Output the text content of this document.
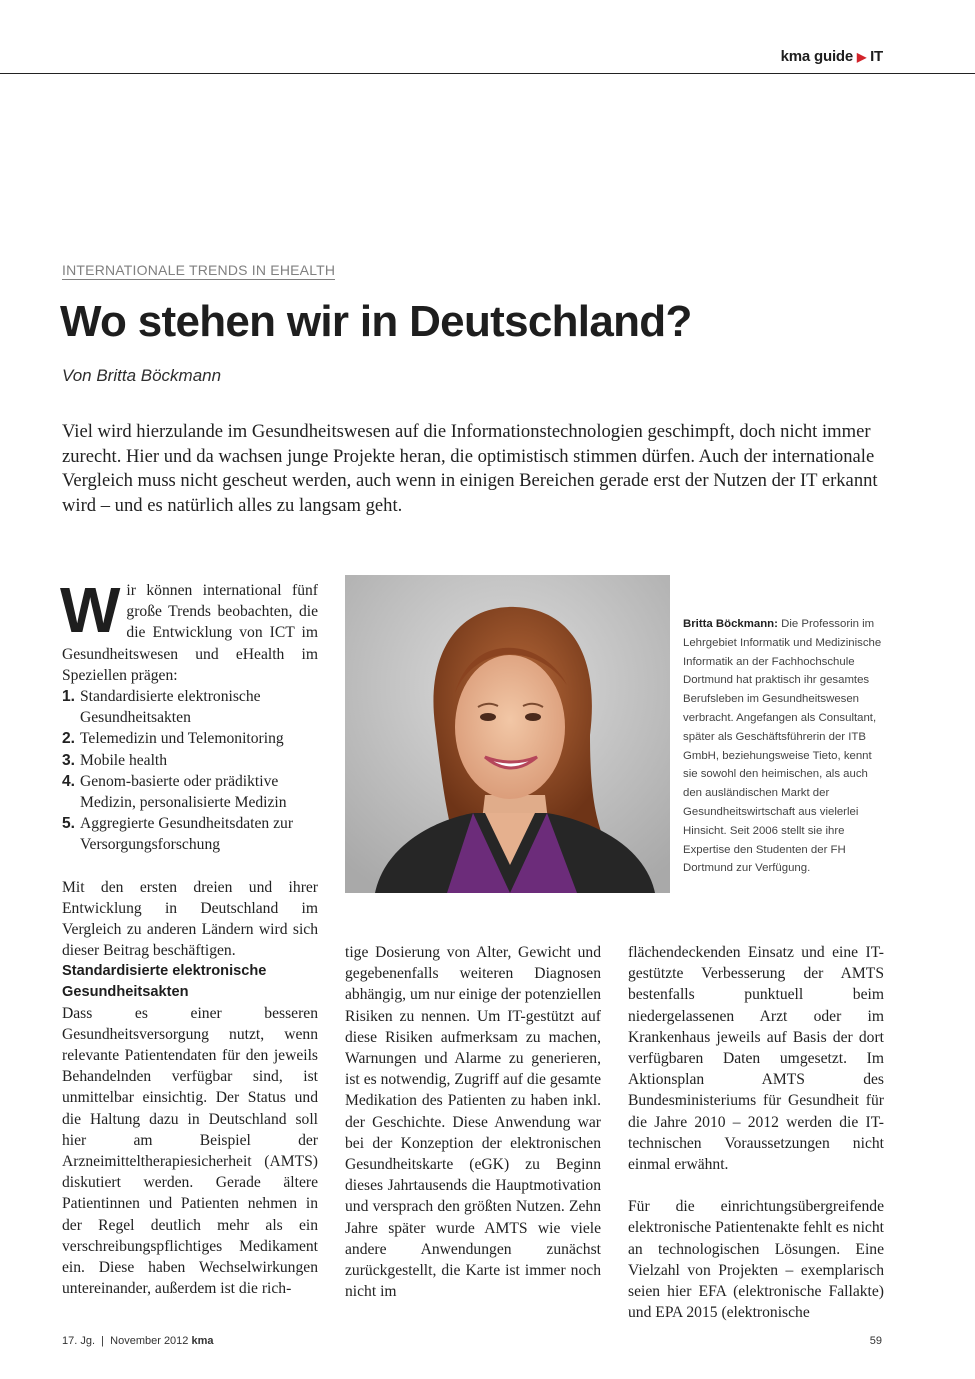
kma guide ▶ IT
INTERNATIONALE TRENDS IN EHEALTH
Wo stehen wir in Deutschland?
Von Britta Böckmann

Viel wird hierzulande im Gesundheitswesen auf die Informationstechnologien geschimpft, doch nicht immer zurecht. Hier und da wachsen junge Projekte heran, die optimistisch stimmen dürfen. Auch der internationale Vergleich muss nicht gescheut werden, auch wenn in einigen Bereichen gerade erst der Nutzen der IT erkannt wird – und es natürlich alles zu langsam geht.

Wir können international fünf große Trends beobachten, die die Entwicklung von ICT im Gesundheitswesen und eHealth im Speziellen prägen:

1. Standardisierte elektronische Gesundheitsakten
2. Telemedizin und Telemonitoring
3. Mobile health
4. Genom-basierte oder prädiktive Medizin, personalisierte Medizin
5. Aggregierte Gesundheitsdaten zur Versorgungsforschung

Mit den ersten dreien und ihrer Entwicklung in Deutschland im Vergleich zu anderen Ländern wird sich dieser Beitrag beschäftigen.

Standardisierte elektronische Gesundheitsakten

Dass es einer besseren Gesundheitsversorgung nutzt, wenn relevante Patientendaten für den jeweils Behandelnden verfügbar sind, ist unmittelbar einsichtig. Der Status und die Haltung dazu in Deutschland soll hier am Beispiel der Arzneimitteltherapiesicherheit (AMTS) diskutiert werden. Gerade ältere Patientinnen und Patienten nehmen in der Regel deutlich mehr als ein verschreibungspflichtiges Medikament ein. Diese haben Wechselwirkungen untereinander, außerdem ist die rich-

Britta Böckmann: Die Professorin im Lehrgebiet Informatik und Medizinische Informatik an der Fachhochschule Dortmund hat praktisch ihr gesamtes Berufsleben im Gesundheitswesen verbracht. Angefangen als Consultant, später als Geschäftsführerin der ITB GmbH, beziehungsweise Tieto, kennt sie sowohl den heimischen, als auch den ausländischen Markt der Gesundheitswirtschaft aus vielerlei Hinsicht. Seit 2006 stellt sie ihre Expertise den Studenten der FH Dortmund zur Verfügung.

tige Dosierung von Alter, Gewicht und gegebenenfalls weiteren Diagnosen abhängig, um nur einige der potenziellen Risiken zu nennen. Um IT-gestützt auf diese Risiken aufmerksam zu machen, Warnungen und Alarme zu generieren, ist es notwendig, Zugriff auf die gesamte Medikation des Patienten zu haben inkl. der Geschichte. Diese Anwendung war bei der Konzeption der elektronischen Gesundheitskarte (eGK) zu Beginn dieses Jahrtausends die Hauptmotivation und versprach den größten Nutzen. Zehn Jahre später wurde AMTS wie viele andere Anwendungen zunächst zurückgestellt, die Karte ist immer noch nicht im

flächendeckenden Einsatz und eine IT-gestützte Verbesserung der AMTS bestenfalls punktuell beim niedergelassenen Arzt oder im Krankenhaus jeweils auf Basis der dort verfügbaren Daten umgesetzt. Im Aktionsplan AMTS des Bundesministeriums für Gesundheit für die Jahre 2010 – 2012 werden die IT-technischen Voraussetzungen nicht einmal erwähnt.

Für die einrichtungsübergreifende elektronische Patientenakte fehlt es nicht an technologischen Lösungen. Eine Vielzahl von Projekten – exemplarisch seien hier EFA (elektronische Fallakte) und EPA 2015 (elektronische

17. Jg. | November 2012 kma	59
